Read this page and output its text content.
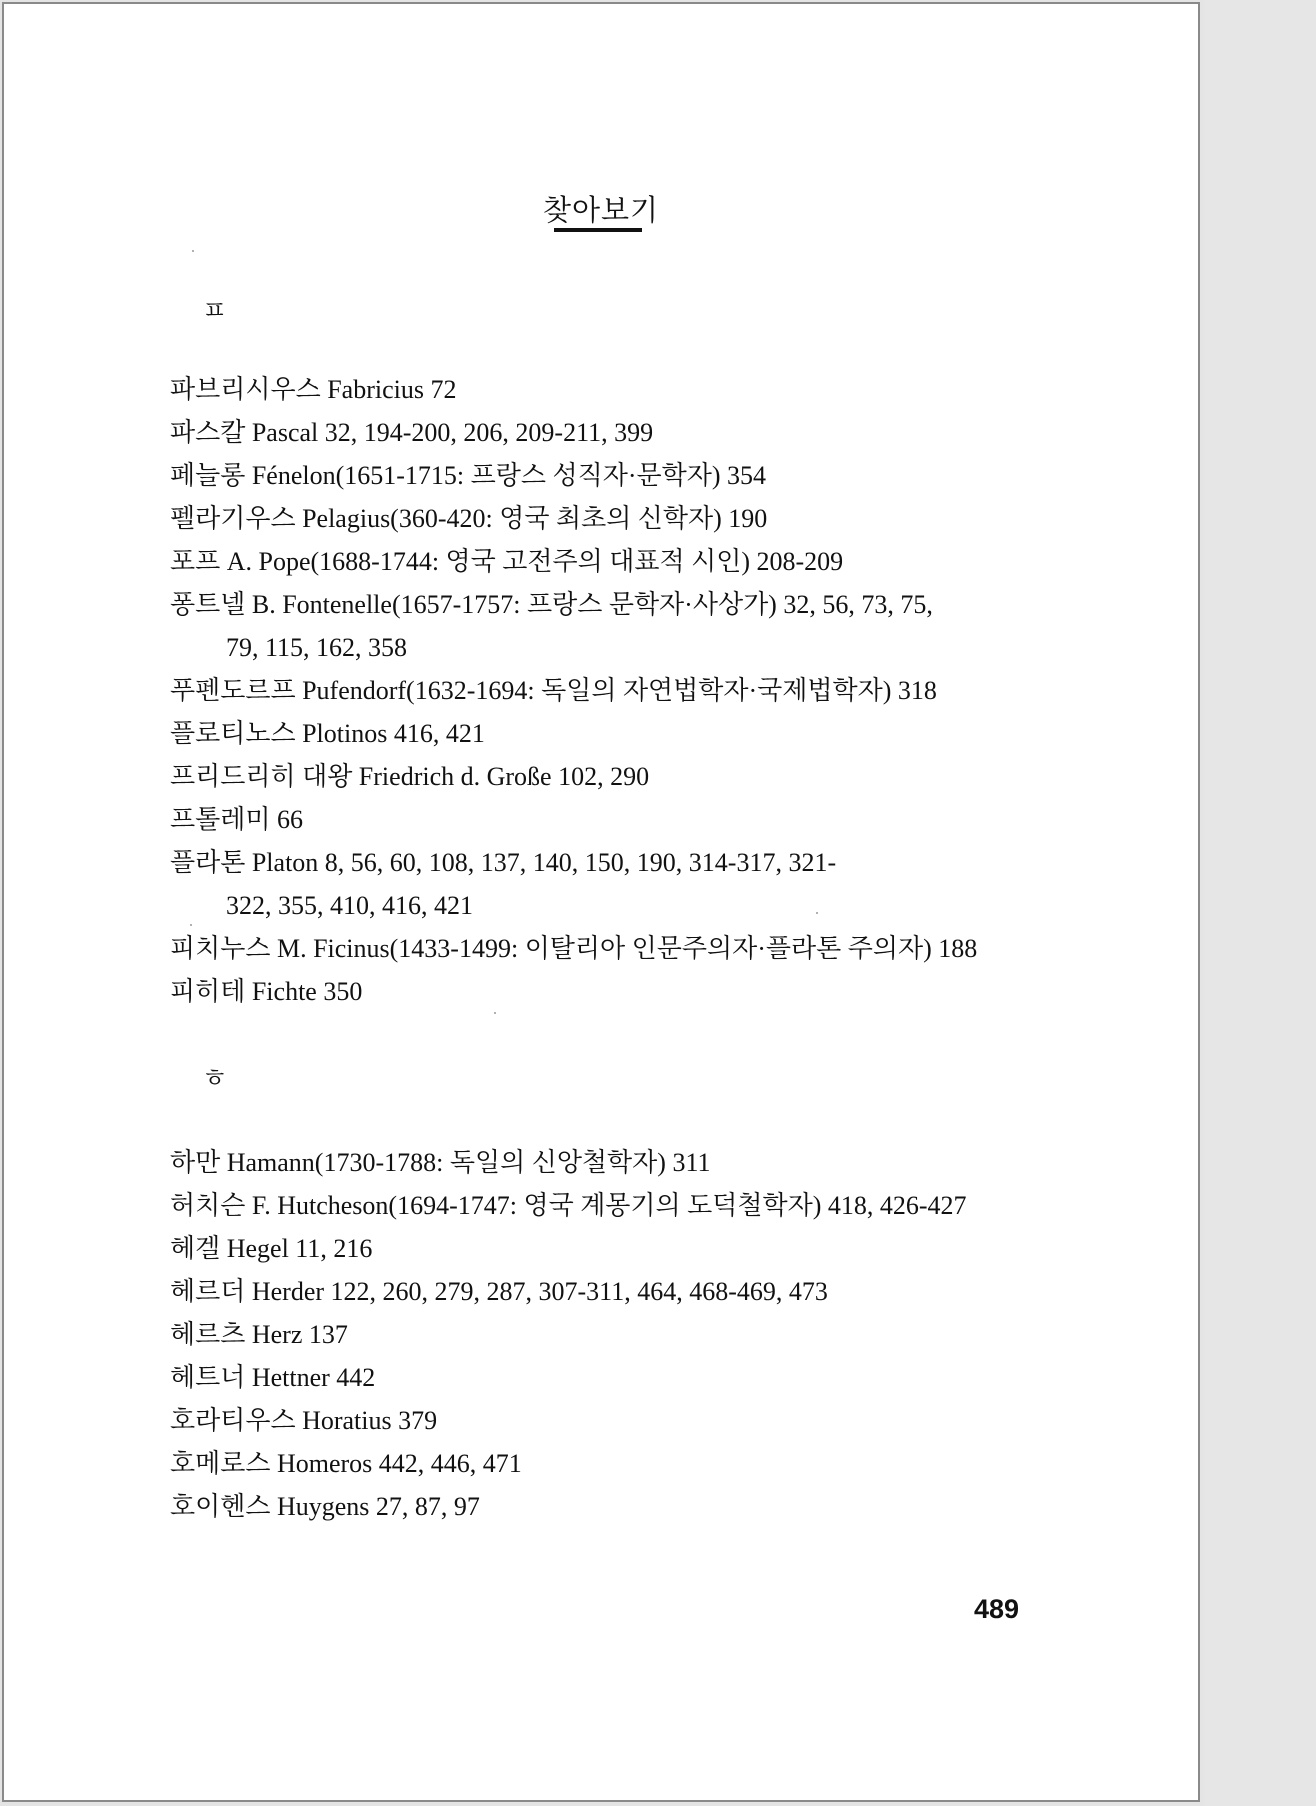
찾아보기
ㅍ
파브리시우스 Fabricius 72
파스칼 Pascal 32, 194-200, 206, 209-211, 399
페늘롱 Fénelon(1651-1715: 프랑스 성직자·문학자) 354
펠라기우스 Pelagius(360-420: 영국 최초의 신학자) 190
포프 A. Pope(1688-1744: 영국 고전주의 대표적 시인) 208-209
퐁트넬 B. Fontenelle(1657-1757: 프랑스 문학자·사상가) 32, 56, 73, 75,
79, 115, 162, 358
푸펜도르프 Pufendorf(1632-1694: 독일의 자연법학자·국제법학자) 318
플로티노스 Plotinos 416, 421
프리드리히 대왕 Friedrich d. Große 102, 290
프톨레미 66
플라톤 Platon 8, 56, 60, 108, 137, 140, 150, 190, 314-317, 321-
322, 355, 410, 416, 421
피치누스 M. Ficinus(1433-1499: 이탈리아 인문주의자·플라톤 주의자) 188
피히테 Fichte 350
ㅎ
하만 Hamann(1730-1788: 독일의 신앙철학자) 311
허치슨 F. Hutcheson(1694-1747: 영국 계몽기의 도덕철학자) 418, 426-427
헤겔 Hegel 11, 216
헤르더 Herder 122, 260, 279, 287, 307-311, 464, 468-469, 473
헤르츠 Herz 137
헤트너 Hettner 442
호라티우스 Horatius 379
호메로스 Homeros 442, 446, 471
호이헨스 Huygens 27, 87, 97
489
